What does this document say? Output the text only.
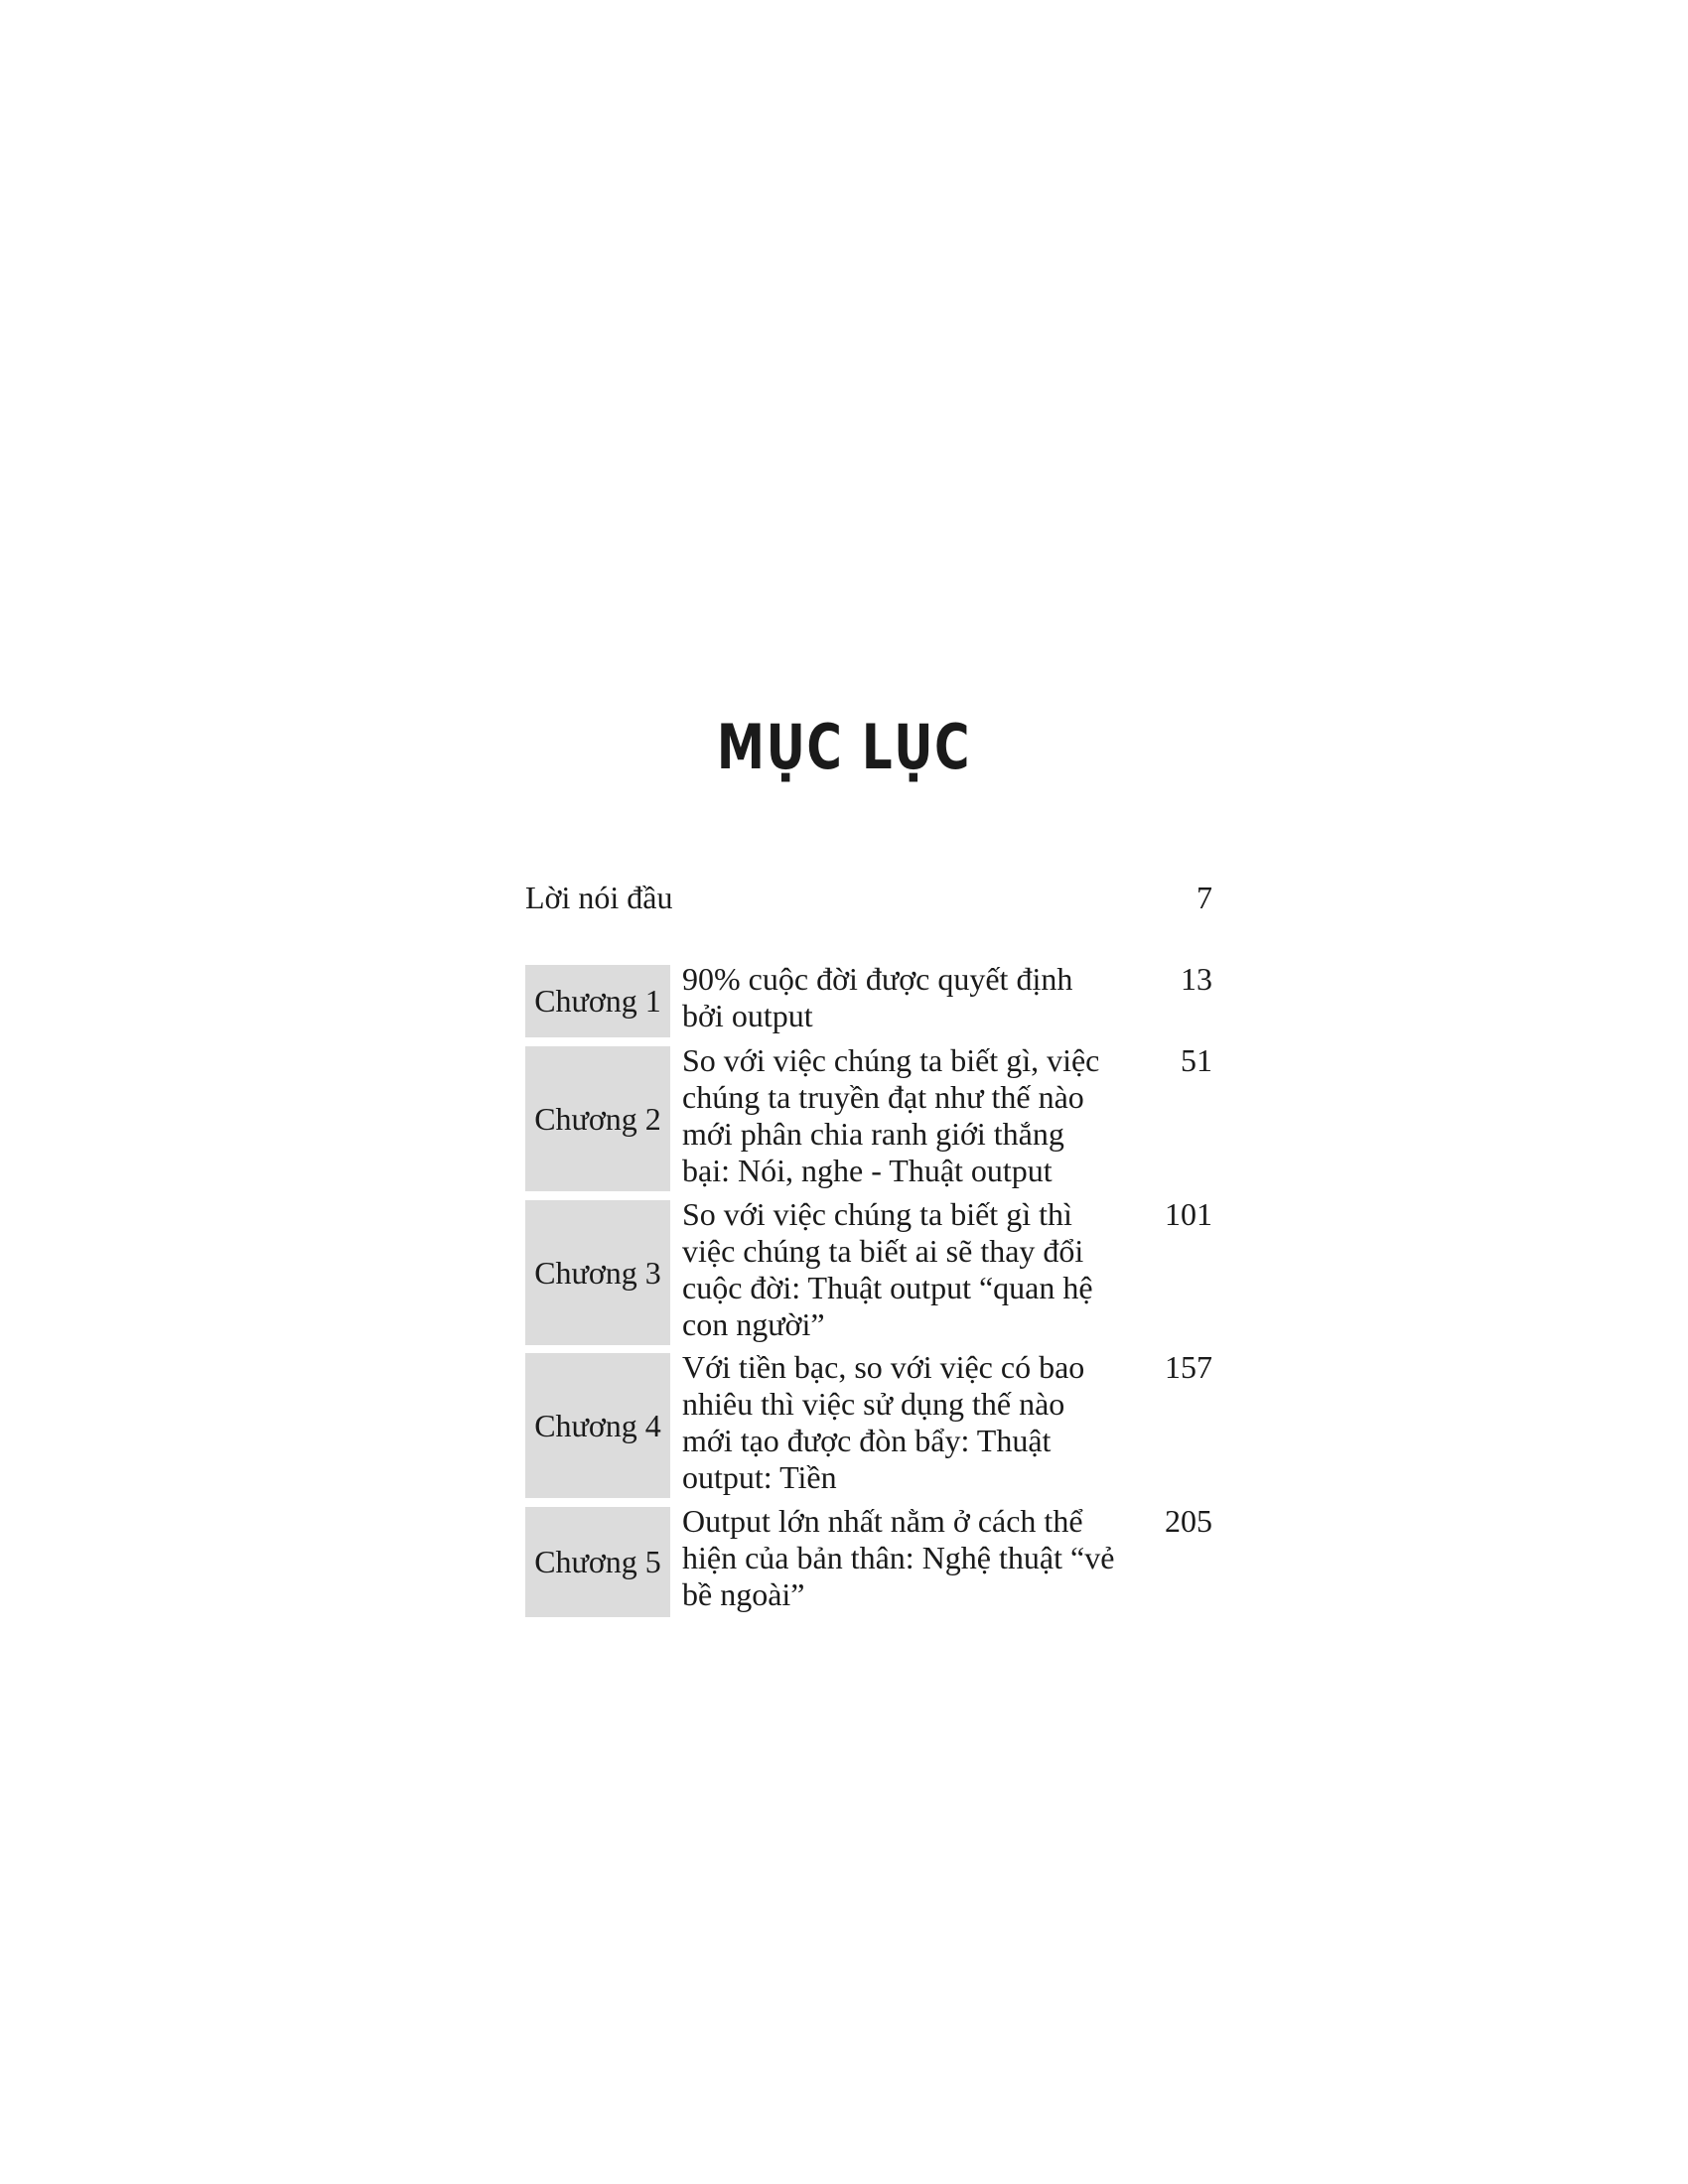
MỤC LỤC
Lời nói đầu	7
Chương 1
90% cuộc đời được quyết định bởi output
13
Chương 2
So với việc chúng ta biết gì, việc chúng ta truyền đạt như thế nào mới phân chia ranh giới thắng bại: Nói, nghe - Thuật output
51
Chương 3
So với việc chúng ta biết gì thì việc chúng ta biết ai sẽ thay đổi cuộc đời: Thuật output “quan hệ con người”
101
Chương 4
Với tiền bạc, so với việc có bao nhiêu thì việc sử dụng thế nào mới tạo được đòn bẩy: Thuật output: Tiền
157
Chương 5
Output lớn nhất nằm ở cách thể hiện của bản thân: Nghệ thuật “vẻ bề ngoài”
205
